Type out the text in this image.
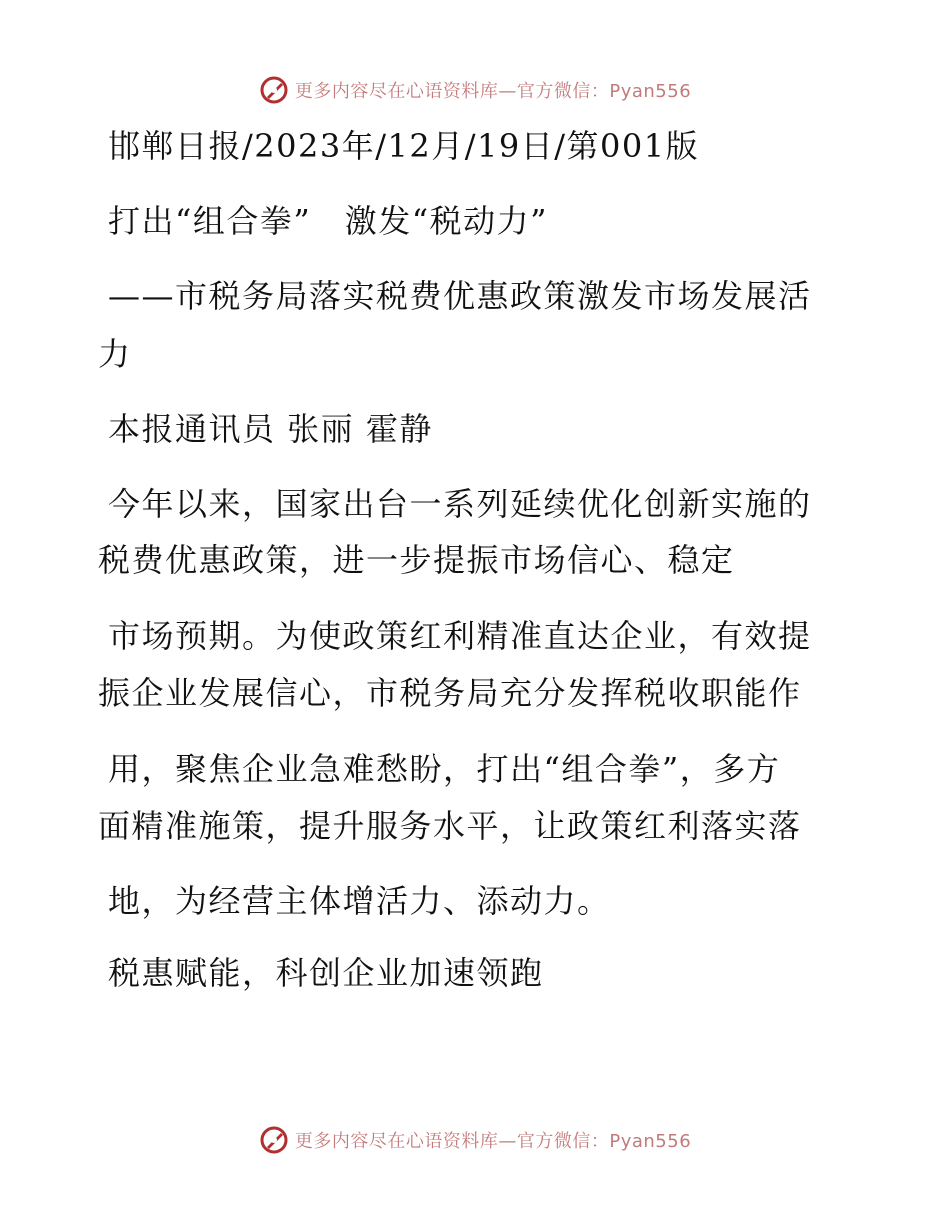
更多内容尽在心语资料库—官方微信：Pyan556
邯郸日报/2023年/12月/19日/第001版
打出“组合拳”　激发“税动力”
——市税务局落实税费优惠政策激发市场发展活
力
本报通讯员 张丽 霍静
今年以来，国家出台一系列延续优化创新实施的
税费优惠政策，进一步提振市场信心、稳定
市场预期。为使政策红利精准直达企业，有效提
振企业发展信心，市税务局充分发挥税收职能作
用，聚焦企业急难愁盼，打出“组合拳”，多方
面精准施策，提升服务水平，让政策红利落实落
地，为经营主体增活力、添动力。
税惠赋能，科创企业加速领跑
更多内容尽在心语资料库—官方微信：Pyan556
